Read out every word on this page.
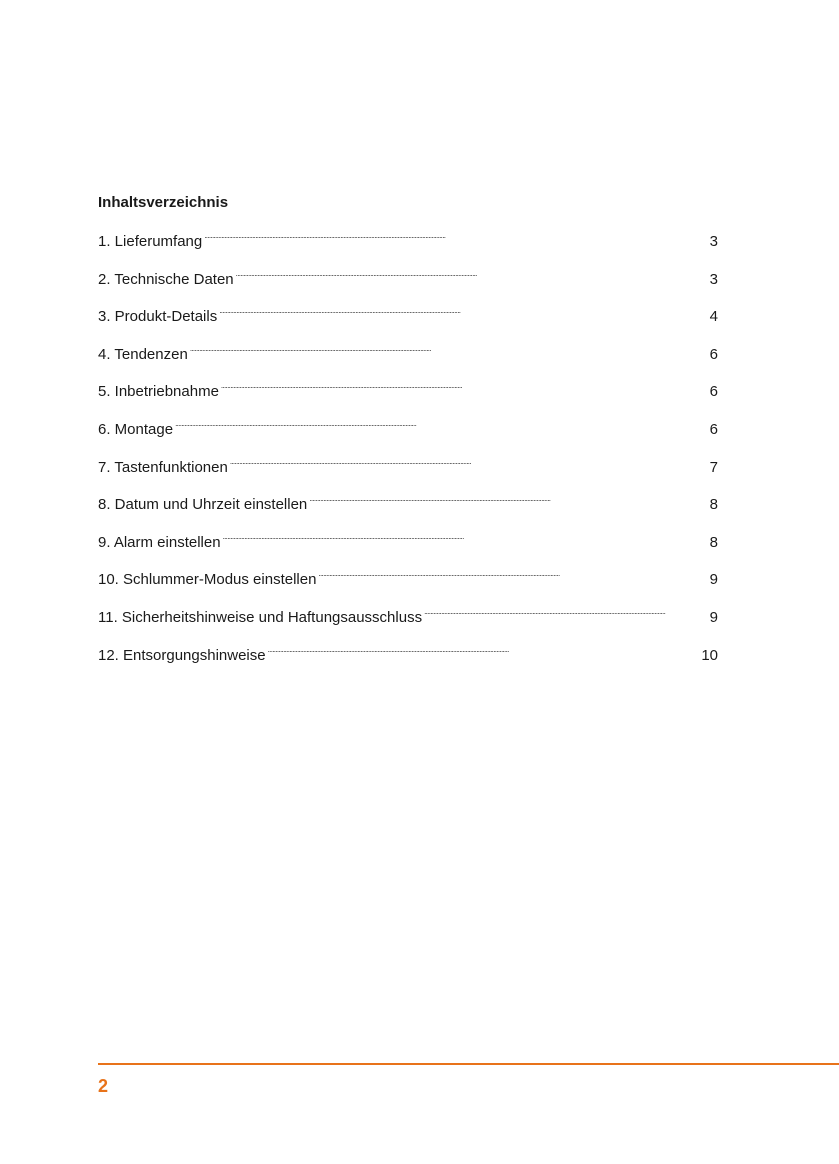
Inhaltsverzeichnis
1. Lieferumfang . . .	3
2. Technische Daten . . .	3
3. Produkt-Details . . .	4
4. Tendenzen . . .	6
5. Inbetriebnahme . . .	6
6. Montage . . .	6
7. Tastenfunktionen . . .	7
8. Datum und Uhrzeit einstellen . . .	8
9. Alarm einstellen . . .	8
10. Schlummer-Modus einstellen . . .	9
11. Sicherheitshinweise und Haftungsausschluss . . .	9
12. Entsorgungshinweise . . .	10
2
